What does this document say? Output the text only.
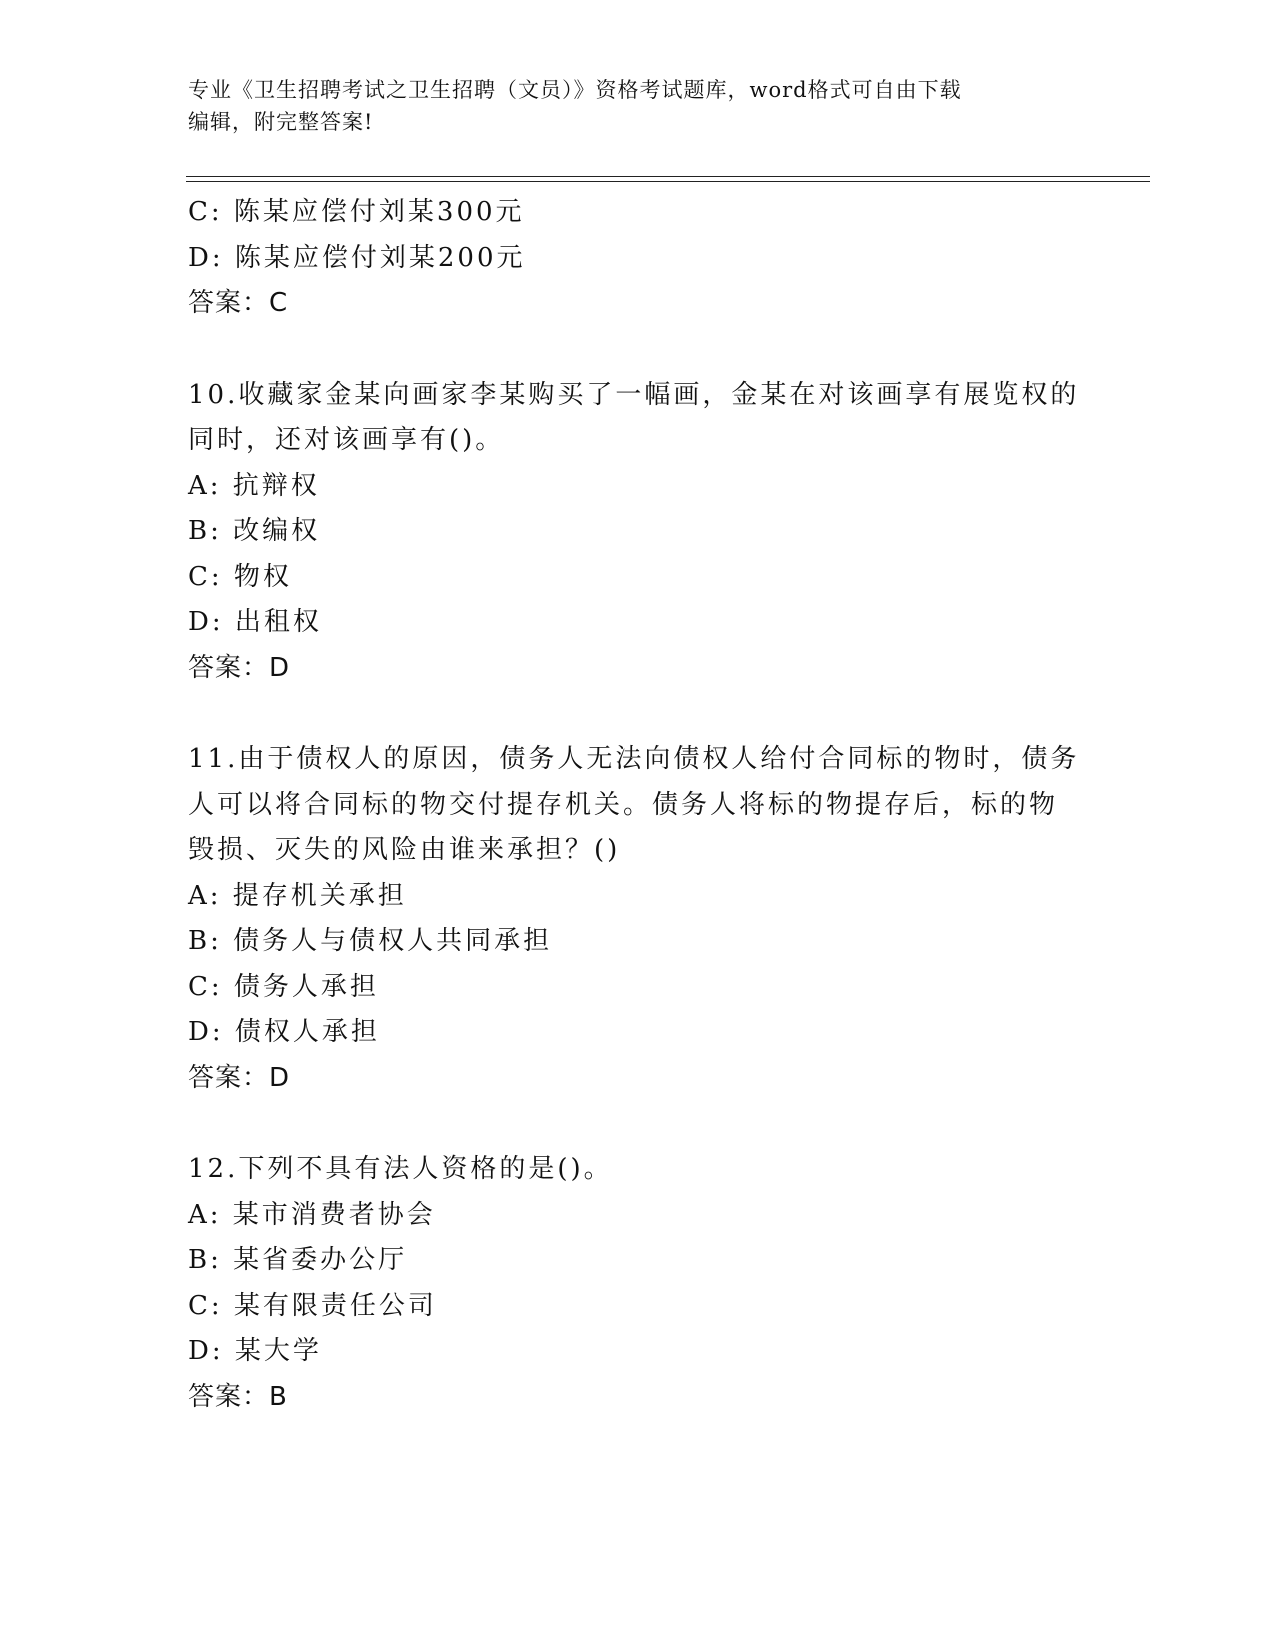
专业《卫生招聘考试之卫生招聘（文员）》资格考试题库，word格式可自由下载
编辑，附完整答案!
C: 陈某应偿付刘某300元
D: 陈某应偿付刘某200元
答案：C
10.收藏家金某向画家李某购买了一幅画，金某在对该画享有展览权的
同时，还对该画享有()。
A: 抗辩权
B: 改编权
C: 物权
D: 出租权
答案：D
11.由于债权人的原因，债务人无法向债权人给付合同标的物时，债务
人可以将合同标的物交付提存机关。债务人将标的物提存后，标的物
毁损、灭失的风险由谁来承担？()
A: 提存机关承担
B: 债务人与债权人共同承担
C: 债务人承担
D: 债权人承担
答案：D
12.下列不具有法人资格的是()。
A: 某市消费者协会
B: 某省委办公厅
C: 某有限责任公司
D: 某大学
答案：B
